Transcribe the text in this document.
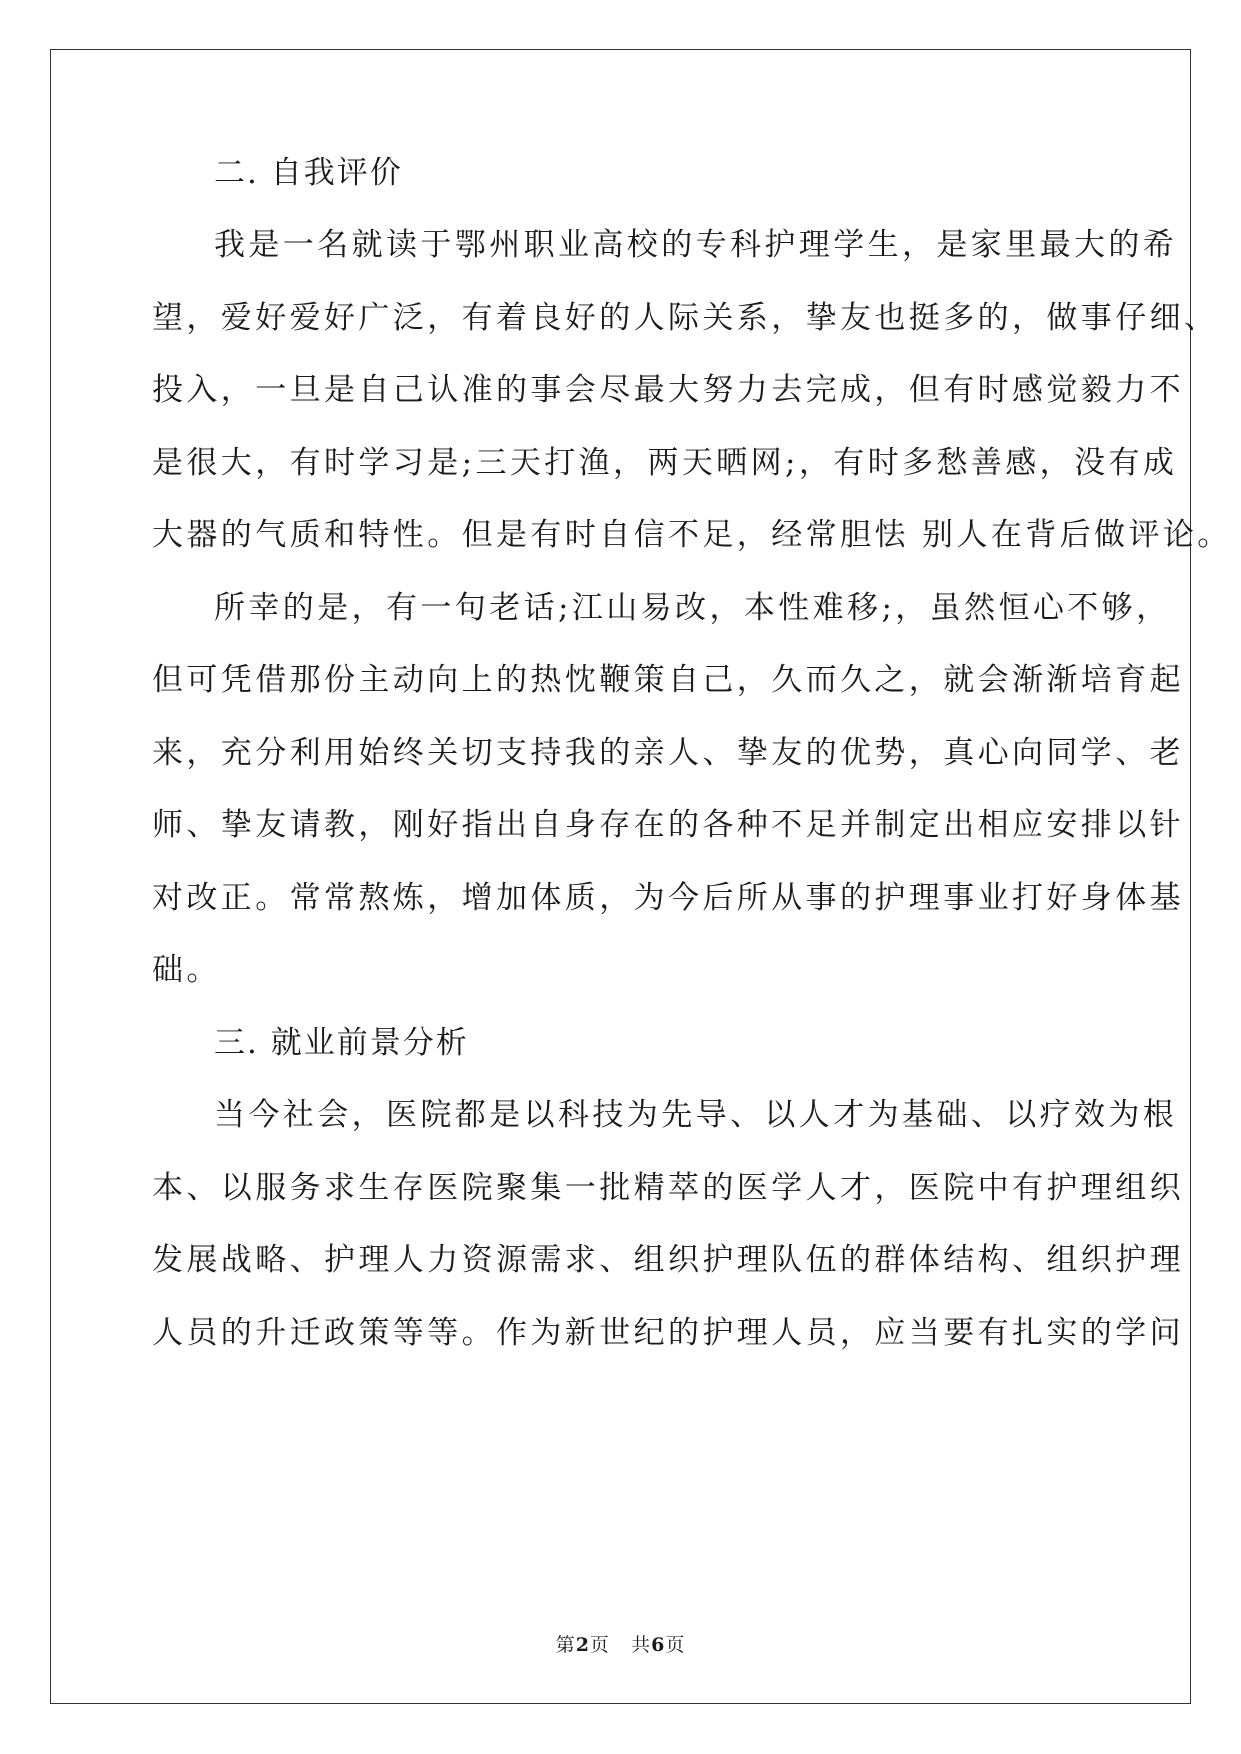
二. 自我评价
我是一名就读于鄂州职业高校的专科护理学生，是家里最大的希
望，爱好爱好广泛，有着良好的人际关系，挚友也挺多的，做事仔细、
投入，一旦是自己认准的事会尽最大努力去完成，但有时感觉毅力不
是很大，有时学习是;三天打渔，两天晒网;，有时多愁善感，没有成
大器的气质和特性。但是有时自信不足，经常胆怯 别人在背后做评论。
所幸的是，有一句老话;江山易改，本性难移;，虽然恒心不够，
但可凭借那份主动向上的热忱鞭策自己，久而久之，就会渐渐培育起
来，充分利用始终关切支持我的亲人、挚友的优势，真心向同学、老
师、挚友请教，刚好指出自身存在的各种不足并制定出相应安排以针
对改正。常常熬炼，增加体质，为今后所从事的护理事业打好身体基
础。
三. 就业前景分析
当今社会，医院都是以科技为先导、以人才为基础、以疗效为根
本、以服务求生存医院聚集一批精萃的医学人才，医院中有护理组织
发展战略、护理人力资源需求、组织护理队伍的群体结构、组织护理
人员的升迁政策等等。作为新世纪的护理人员，应当要有扎实的学问
第2页 共6页
